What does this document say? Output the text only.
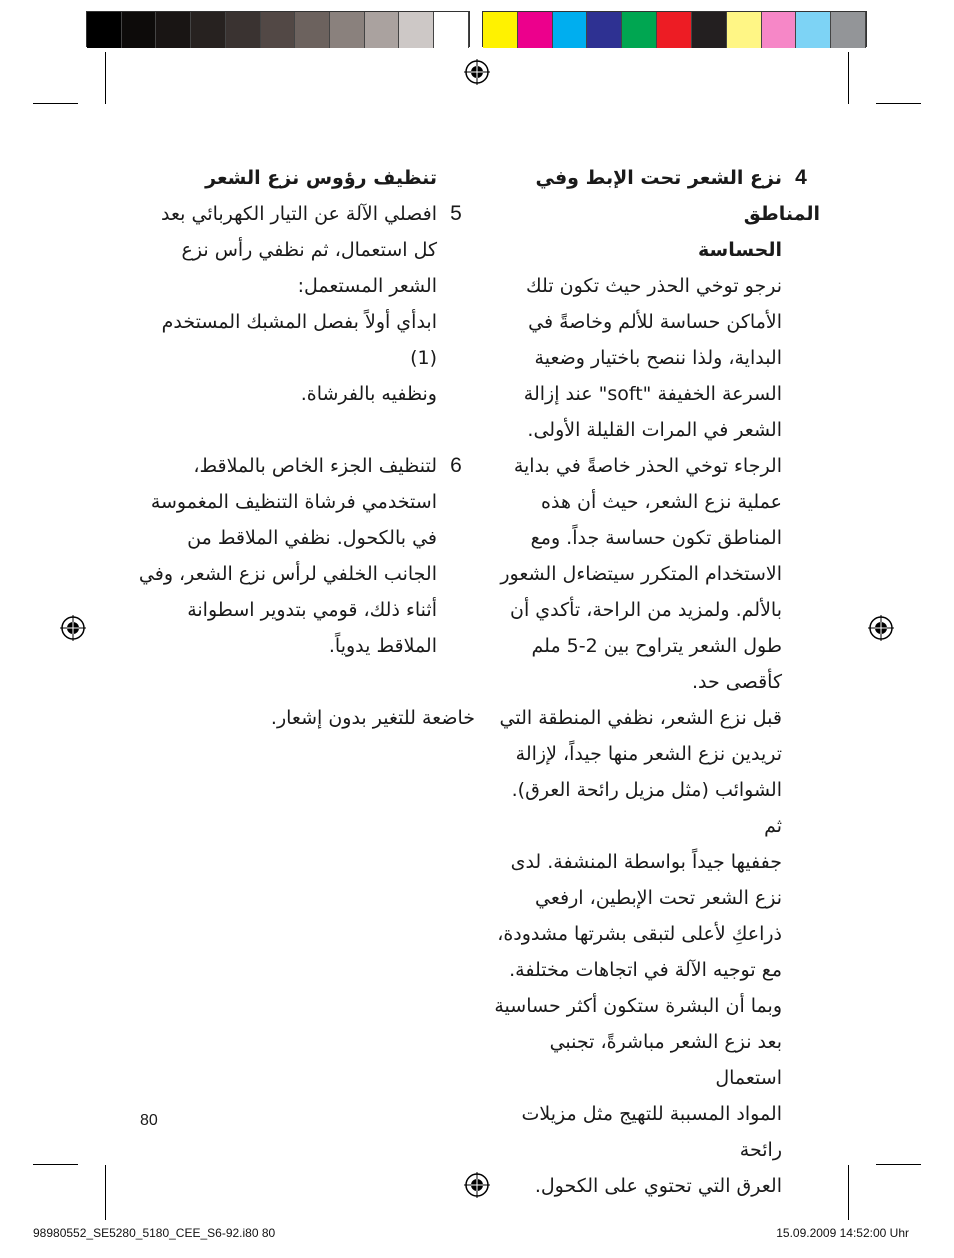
4نزع الشعر تحت الإبط وفي المناطق

الحساسة

نرجو توخي الحذر حيث تكون تلك

الأماكن حساسة للألم وخاصةً في

البداية، ولذا ننصح باختيار وضعية

السرعة الخفيفة "soft" عند إزالة

الشعر في المرات القليلة الأولى.

الرجاء توخي الحذر خاصةً في بداية

عملية نزع الشعر، حيث أن هذه

المناطق تكون حساسة جداً. ومع

الاستخدام المتكرر سيتضاءل الشعور

بالألم. ولمزيد من الراحة، تأكدي أن

طول الشعر يتراوح بين 2-5 ملم

كأقصى حد.

قبل نزع الشعر، نظفي المنطقة التي

تريدين نزع الشعر منها جيداً، لإزالة

الشوائب (مثل مزيل رائحة العرق). ثم

جففيها جيداً بواسطة المنشفة. لدى

نزع الشعر تحت الإبطين، ارفعي

ذراعكِ لأعلى لتبقى بشرتها مشدودة،

مع توجيه الآلة في اتجاهات مختلفة.

وبما أن البشرة ستكون أكثر حساسية

بعد نزع الشعر مباشرةً، تجنبي استعمال

المواد المسببة للتهيج مثل مزيلات رائحة

العرق التي تحتوي على الكحول.

تنظيف رؤوس نزع الشعر

5افصلي الآلة عن التيار الكهربائي بعد

كل استعمال، ثم نظفي رأس نزع

الشعر المستعمل:

ابدأي أولاً بفصل المشبك المستخدم (1)

ونظفيه بالفرشاة.

6لتنظيف الجزء الخاص بالملاقط،

استخدمي فرشاة التنظيف المغموسة

في بالكحول. نظفي الملاقط من

الجانب الخلفي لرأس نزع الشعر، وفي

أثناء ذلك، قومي بتدوير اسطوانة

الملاقط يدوياً.

خاضعة للتغير بدون إشعار.

80
98980552_SE5280_5180_CEE_S6-92.i80 80	15.09.2009 14:52:00 Uhr
